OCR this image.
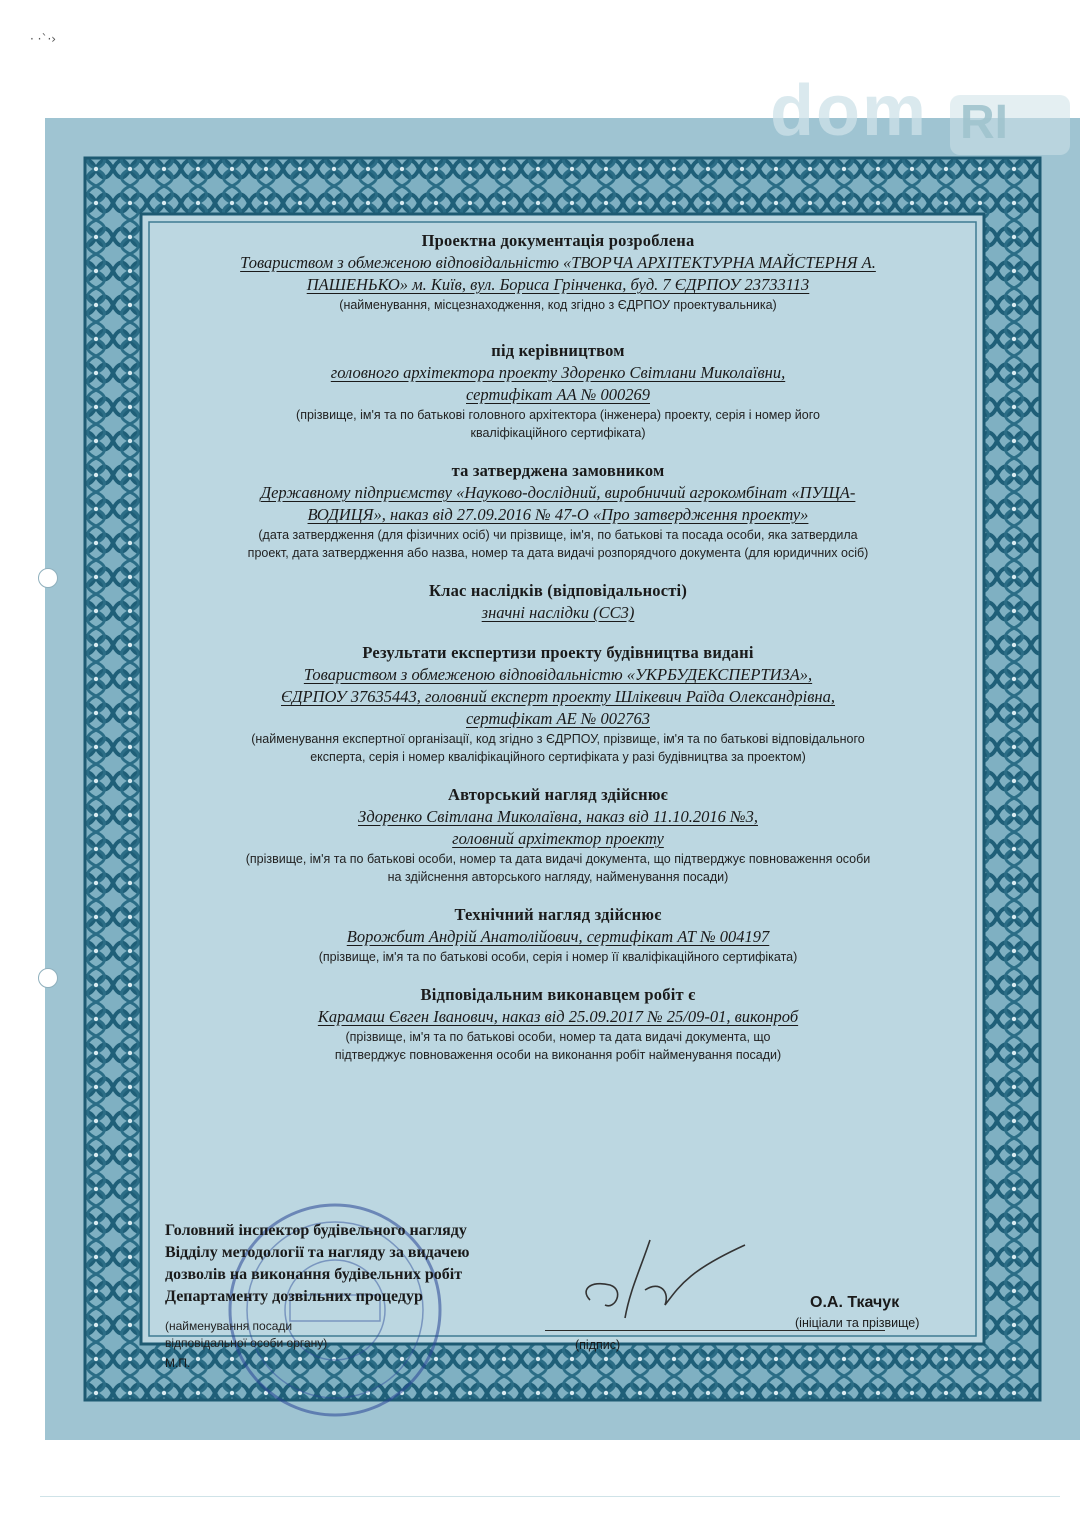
· ·`·›
dom RI
Проектна документація розроблена
Товариством з обмеженою відповідальністю «ТВОРЧА АРХІТЕКТУРНА МАЙСТЕРНЯ А.
ПАШЕНЬКО» м. Київ, вул. Бориса Грінченка, буд. 7 ЄДРПОУ 23733113
(найменування, місцезнаходження, код згідно з ЄДРПОУ проектувальника)
під керівництвом
головного архітектора проекту Здоренко Світлани Миколаївни,
сертифікат АА № 000269
(прізвище, ім'я та по батькові головного архітектора (інженера) проекту, серія і номер його
кваліфікаційного сертифіката)
та затверджена замовником
Державному підприємству «Науково-дослідний, виробничий агрокомбінат «ПУЩА-
ВОДИЦЯ», наказ від 27.09.2016 № 47-О «Про затвердження проекту»
(дата затвердження (для фізичних осіб) чи прізвище, ім'я, по батькові та посада особи, яка затвердила
проект, дата затвердження або назва, номер та дата видачі розпорядчого документа (для юридичних осіб)
Клас наслідків (відповідальності)
значні наслідки (СС3)
Результати експертизи проекту будівництва видані
Товариством з обмеженою відповідальністю «УКРБУДЕКСПЕРТИЗА»,
ЄДРПОУ 37635443, головний експерт проекту Шлікевич Раїда Олександрівна,
сертифікат АЕ № 002763
(найменування експертної організації, код згідно з ЄДРПОУ, прізвище, ім'я та по батькові відповідального
експерта, серія і номер кваліфікаційного сертифіката у разі будівництва за проектом)
Авторський нагляд здійснює
Здоренко Світлана Миколаївна, наказ від 11.10.2016 №3,
головний архітектор проекту
(прізвище, ім'я та по батькові особи, номер та дата видачі документа, що підтверджує повноваження особи
на здійснення авторського нагляду, найменування посади)
Технічний нагляд здійснює
Ворожбит Андрій Анатолійович, сертифікат АТ № 004197
(прізвище, ім'я та по батькові особи, серія і номер її кваліфікаційного сертифіката)
Відповідальним виконавцем робіт є
Карамаш Євген Іванович, наказ від 25.09.2017 № 25/09-01, виконроб
(прізвище, ім'я та по батькові особи, номер та дата видачі документа, що
підтверджує повноваження особи на виконання робіт найменування посади)
Головний інспектор будівельного нагляду
Відділу методології та нагляду за видачею
дозволів на виконання будівельних робіт
Департаменту дозвільних процедур
(найменування посади
відповідальної особи органу)
М.П.
(підпис)
О.А. Ткачук
(ініціали та прізвище)
